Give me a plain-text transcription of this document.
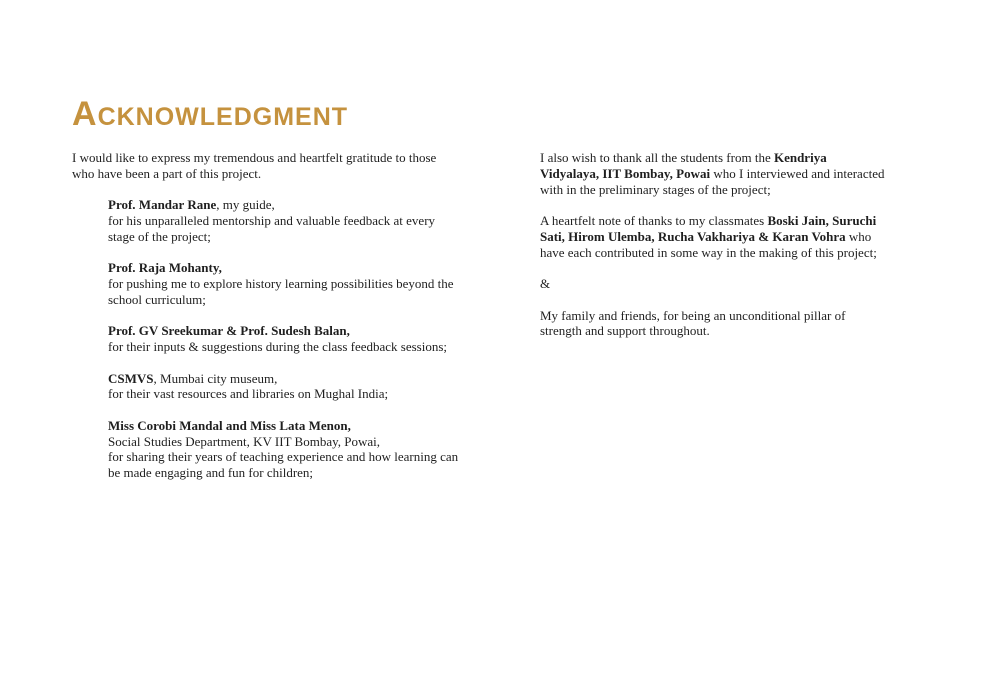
ACKNOWLEDGMENT

I would like to express my tremendous and heartfelt gratitude to those
who have been a part of this project.

Prof. Mandar Rane, my guide,
for his unparalleled mentorship and valuable feedback at every
stage of the project;

Prof. Raja Mohanty,
for pushing me to explore history learning possibilities beyond the
school curriculum;

Prof. GV Sreekumar & Prof. Sudesh Balan,
for their inputs & suggestions during the class feedback sessions;

CSMVS, Mumbai city museum,
for their vast resources and libraries on Mughal India;

Miss Corobi Mandal and Miss Lata Menon,
Social Studies Department, KV IIT Bombay, Powai,
for sharing their years of teaching experience and how learning can
be made engaging and fun for children;

I also wish to thank all the students from the Kendriya
Vidyalaya, IIT Bombay, Powai who I interviewed and interacted
with in the preliminary stages of the project;

A heartfelt note of thanks to my classmates Boski Jain, Suruchi
Sati, Hirom Ulemba, Rucha Vakhariya & Karan Vohra who
have each contributed in some way in the making of this project;

&

My family and friends, for being an unconditional pillar of
strength and support throughout.
